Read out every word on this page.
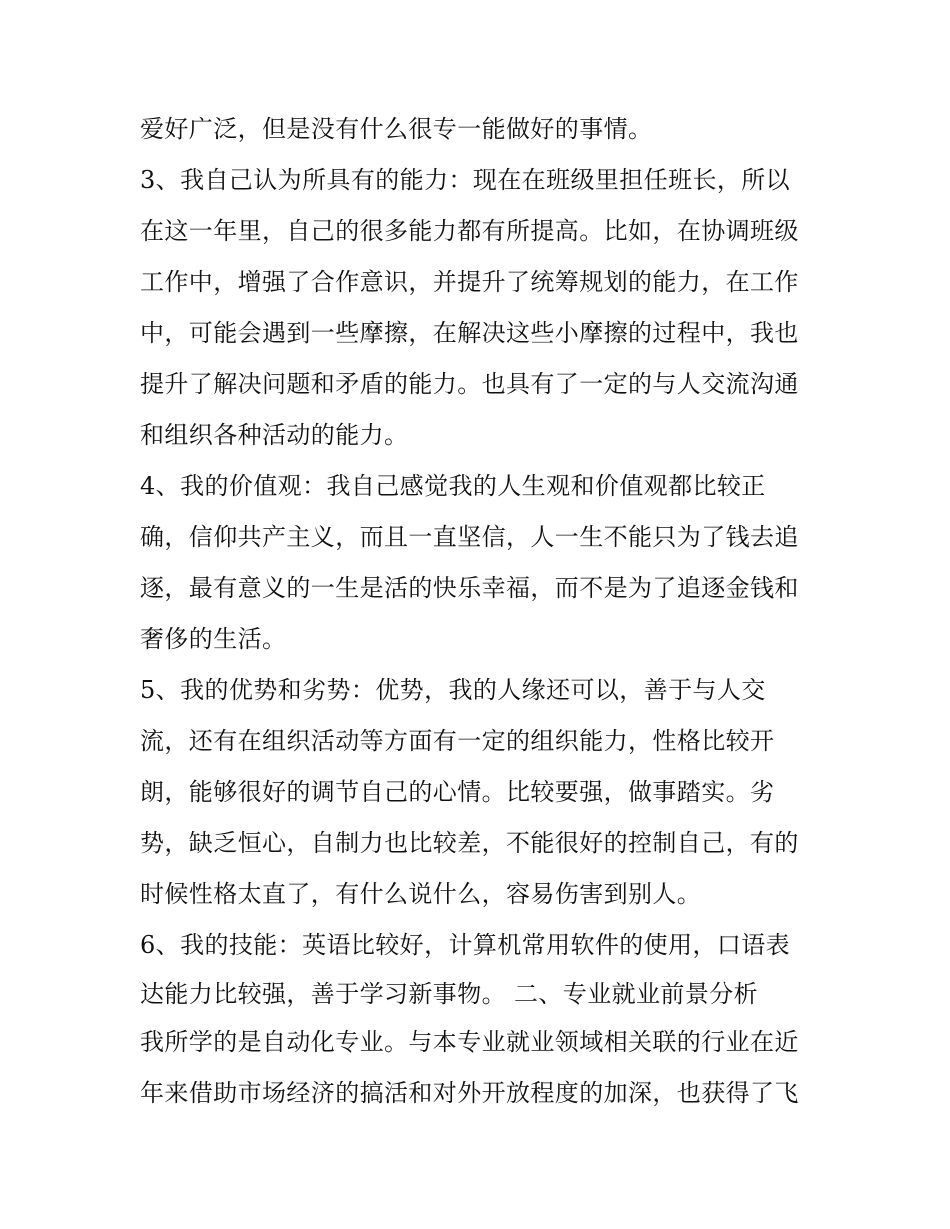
爱好广泛，但是没有什么很专一能做好的事情。
3、我自己认为所具有的能力：现在在班级里担任班长，所以
在这一年里，自己的很多能力都有所提高。比如，在协调班级
工作中，增强了合作意识，并提升了统筹规划的能力，在工作
中，可能会遇到一些摩擦，在解决这些小摩擦的过程中，我也
提升了解决问题和矛盾的能力。也具有了一定的与人交流沟通
和组织各种活动的能力。
4、我的价值观：我自己感觉我的人生观和价值观都比较正
确，信仰共产主义，而且一直坚信，人一生不能只为了钱去追
逐，最有意义的一生是活的快乐幸福，而不是为了追逐金钱和
奢侈的生活。
5、我的优势和劣势：优势，我的人缘还可以，善于与人交
流，还有在组织活动等方面有一定的组织能力，性格比较开
朗，能够很好的调节自己的心情。比较要强，做事踏实。劣
势，缺乏恒心，自制力也比较差，不能很好的控制自己，有的
时候性格太直了，有什么说什么，容易伤害到别人。
6、我的技能：英语比较好，计算机常用软件的使用，口语表
达能力比较强，善于学习新事物。 二、专业就业前景分析
我所学的是自动化专业。与本专业就业领域相关联的行业在近
年来借助市场经济的搞活和对外开放程度的加深，也获得了飞
